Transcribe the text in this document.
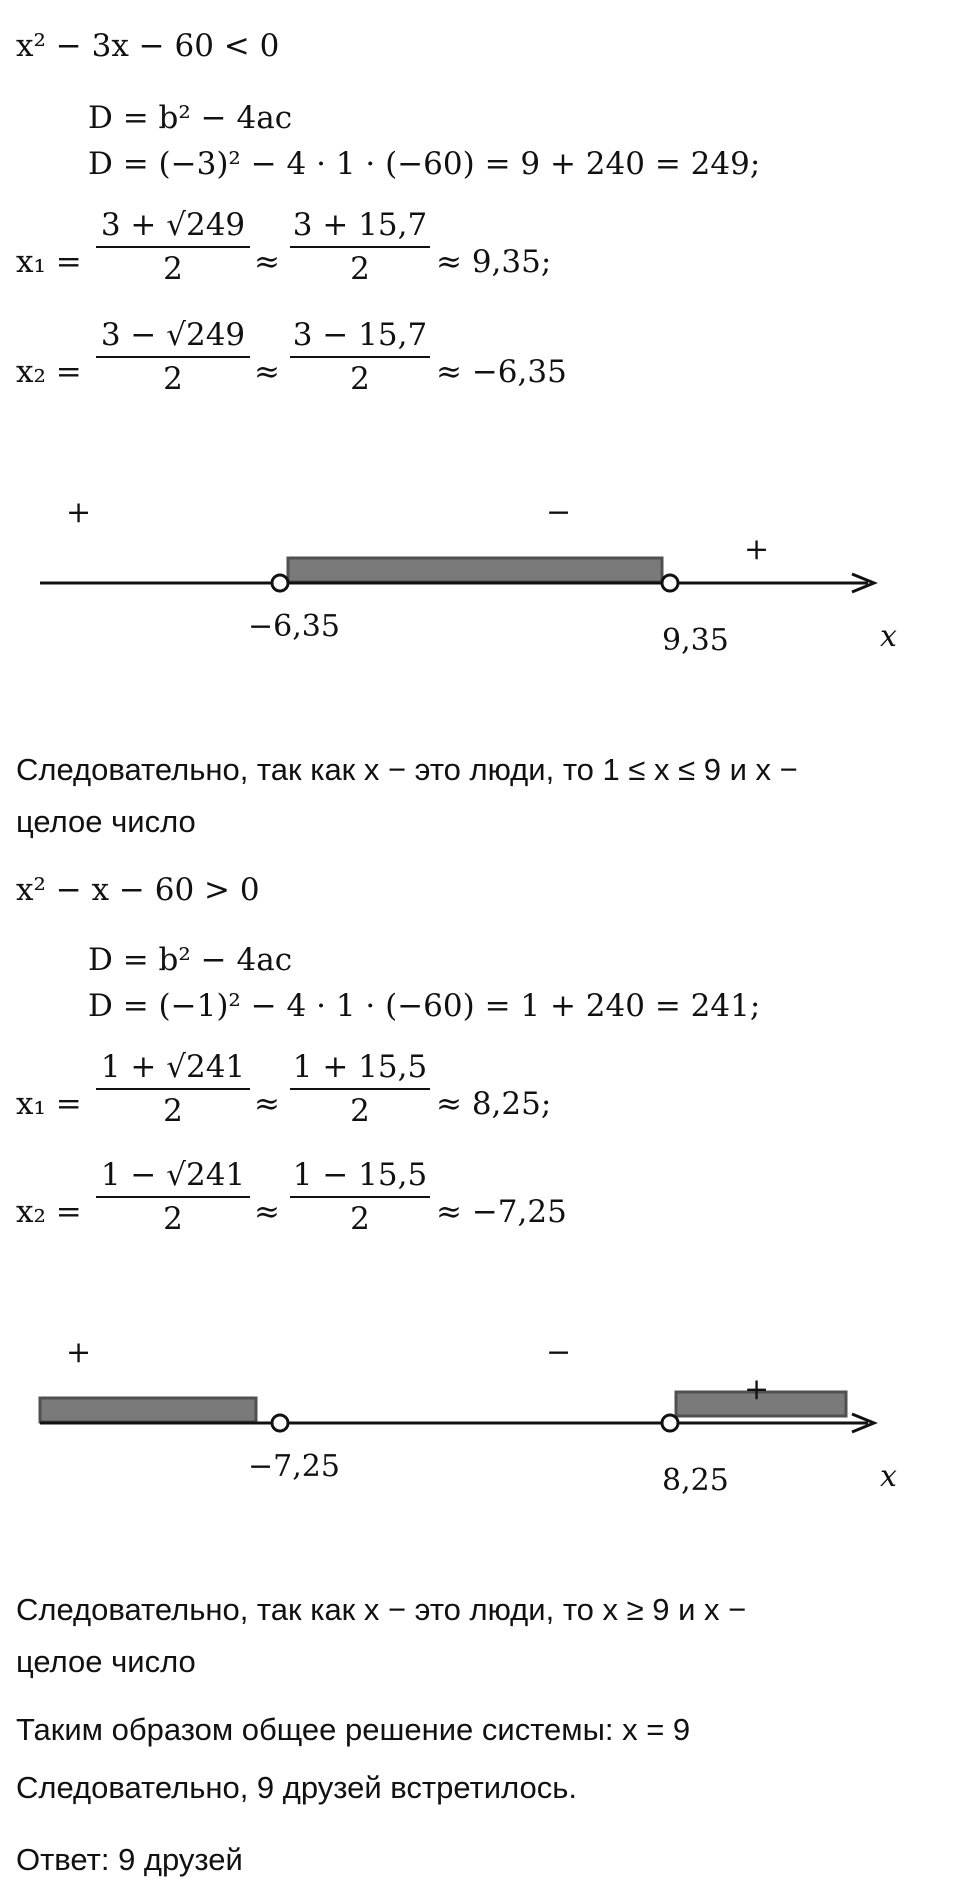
x² − 3x − 60 < 0
D = b² − 4ac
D = (−3)² − 4 · 1 · (−60) = 9 + 240 = 249;
x₁ =
3 + √249
2	≈
3 + 15,7
2	≈ 9,35;
x₂ =
3 − √249
2	≈
3 − 15,7
2	≈ −6,35
+	−
+
−6,35	9,35	x
Следовательно, так как x − это люди, то 1 ≤ x ≤ 9 и x −
целое число
x² − x − 60 > 0
D = b² − 4ac
D = (−1)² − 4 · 1 · (−60) = 1 + 240 = 241;
x₁ =
1 + √241
2	≈
1 + 15,5
2	≈ 8,25;
x₂ =
1 − √241
2	≈
1 − 15,5
2	≈ −7,25
+	−
+
−7,25	8,25	x
Следовательно, так как x − это люди, то x ≥ 9 и x −
целое число
Таким образом общее решение системы: x = 9
Следовательно, 9 друзей встретилось.
Ответ: 9 друзей
